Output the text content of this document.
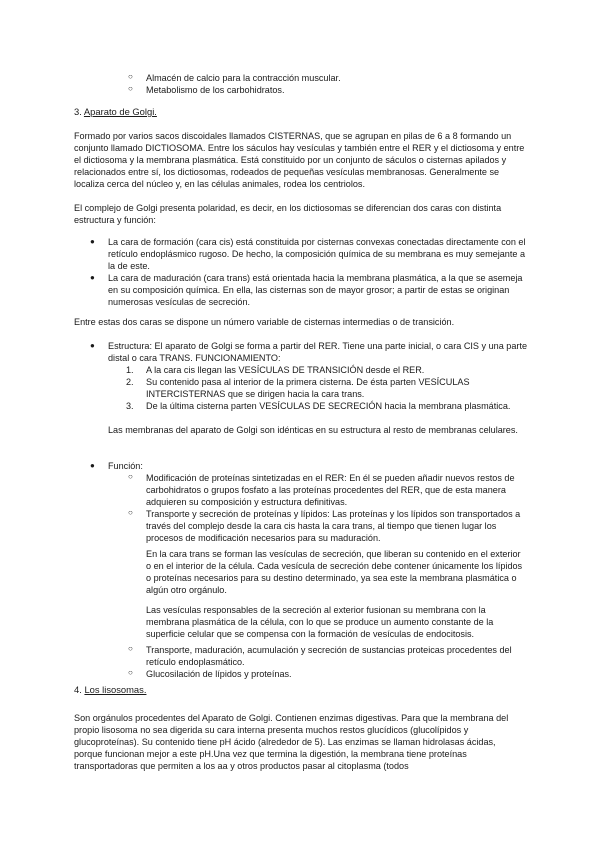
○ Almacén de calcio para la contracción muscular.
○ Metabolismo de los carbohidratos.
3. Aparato de Golgi.

Formado por varios sacos discoidales llamados CISTERNAS, que se agrupan en pilas de 6 a 8 formando un conjunto llamado DICTIOSOMA. Entre los sáculos hay vesículas y también entre el RER y el dictiosoma y entre el dictiosoma y la membrana plasmática. Está constituido por un conjunto de sáculos o cisternas apilados y relacionados entre sí, los dictiosomas, rodeados de pequeñas vesículas membranosas. Generalmente se localiza cerca del núcleo y, en las células animales, rodea los centriolos.

El complejo de Golgi presenta polaridad, es decir, en los dictiosomas se diferencian dos caras con distinta estructura y función:

● La cara de formación (cara cis) está constituida por cisternas convexas conectadas directamente con el retículo endoplásmico rugoso. De hecho, la composición química de su membrana es muy semejante a la de este.
● La cara de maduración (cara trans) está orientada hacia la membrana plasmática, a la que se asemeja en su composición química. En ella, las cisternas son de mayor grosor; a partir de estas se originan numerosas vesículas de secreción.

Entre estas dos caras se dispone un número variable de cisternas intermedias o de transición.

● Estructura: El aparato de Golgi se forma a partir del RER. Tiene una parte inicial, o cara CIS y una parte distal o cara TRANS. FUNCIONAMIENTO:
1. A la cara cis llegan las VESÍCULAS DE TRANSICIÓN desde el RER.
2. Su contenido pasa al interior de la primera cisterna. De ésta parten VESÍCULAS INTERCISTERNAS que se dirigen hacia la cara trans.
3. De la última cisterna parten VESÍCULAS DE SECRECIÓN hacia la membrana plasmática.
Las membranas del aparato de Golgi son idénticas en su estructura al resto de membranas celulares.
● Función:
○ Modificación de proteínas sintetizadas en el RER: En él se pueden añadir nuevos restos de carbohidratos o grupos fosfato a las proteínas procedentes del RER, que de esta manera adquieren su composición y estructura definitivas.
○ Transporte y secreción de proteínas y lípidos: Las proteínas y los lípidos son transportados a través del complejo desde la cara cis hasta la cara trans, al tiempo que tienen lugar los procesos de modificación necesarios para su maduración.
En la cara trans se forman las vesículas de secreción, que liberan su contenido en el exterior o en el interior de la célula. Cada vesícula de secreción debe contener únicamente los lípidos o proteínas necesarios para su destino determinado, ya sea este la membrana plasmática o algún otro orgánulo.
Las vesículas responsables de la secreción al exterior fusionan su membrana con la membrana plasmática de la célula, con lo que se produce un aumento constante de la superficie celular que se compensa con la formación de vesículas de endocitosis.
○ Transporte, maduración, acumulación y secreción de sustancias proteicas procedentes del retículo endoplasmático.
○ Glucosilación de lípidos y proteínas.
4. Los lisosomas.

Son orgánulos procedentes del Aparato de Golgi. Contienen enzimas digestivas. Para que la membrana del propio lisosoma no sea digerida su cara interna presenta muchos restos glucídicos (glucolípidos y glucoproteínas). Su contenido tiene pH ácido (alrededor de 5). Las enzimas se llaman hidrolasas ácidas, porque funcionan mejor a este pH.Una vez que termina la digestión, la membrana tiene proteínas transportadoras que permiten a los aa y otros productos pasar al citoplasma (todos
